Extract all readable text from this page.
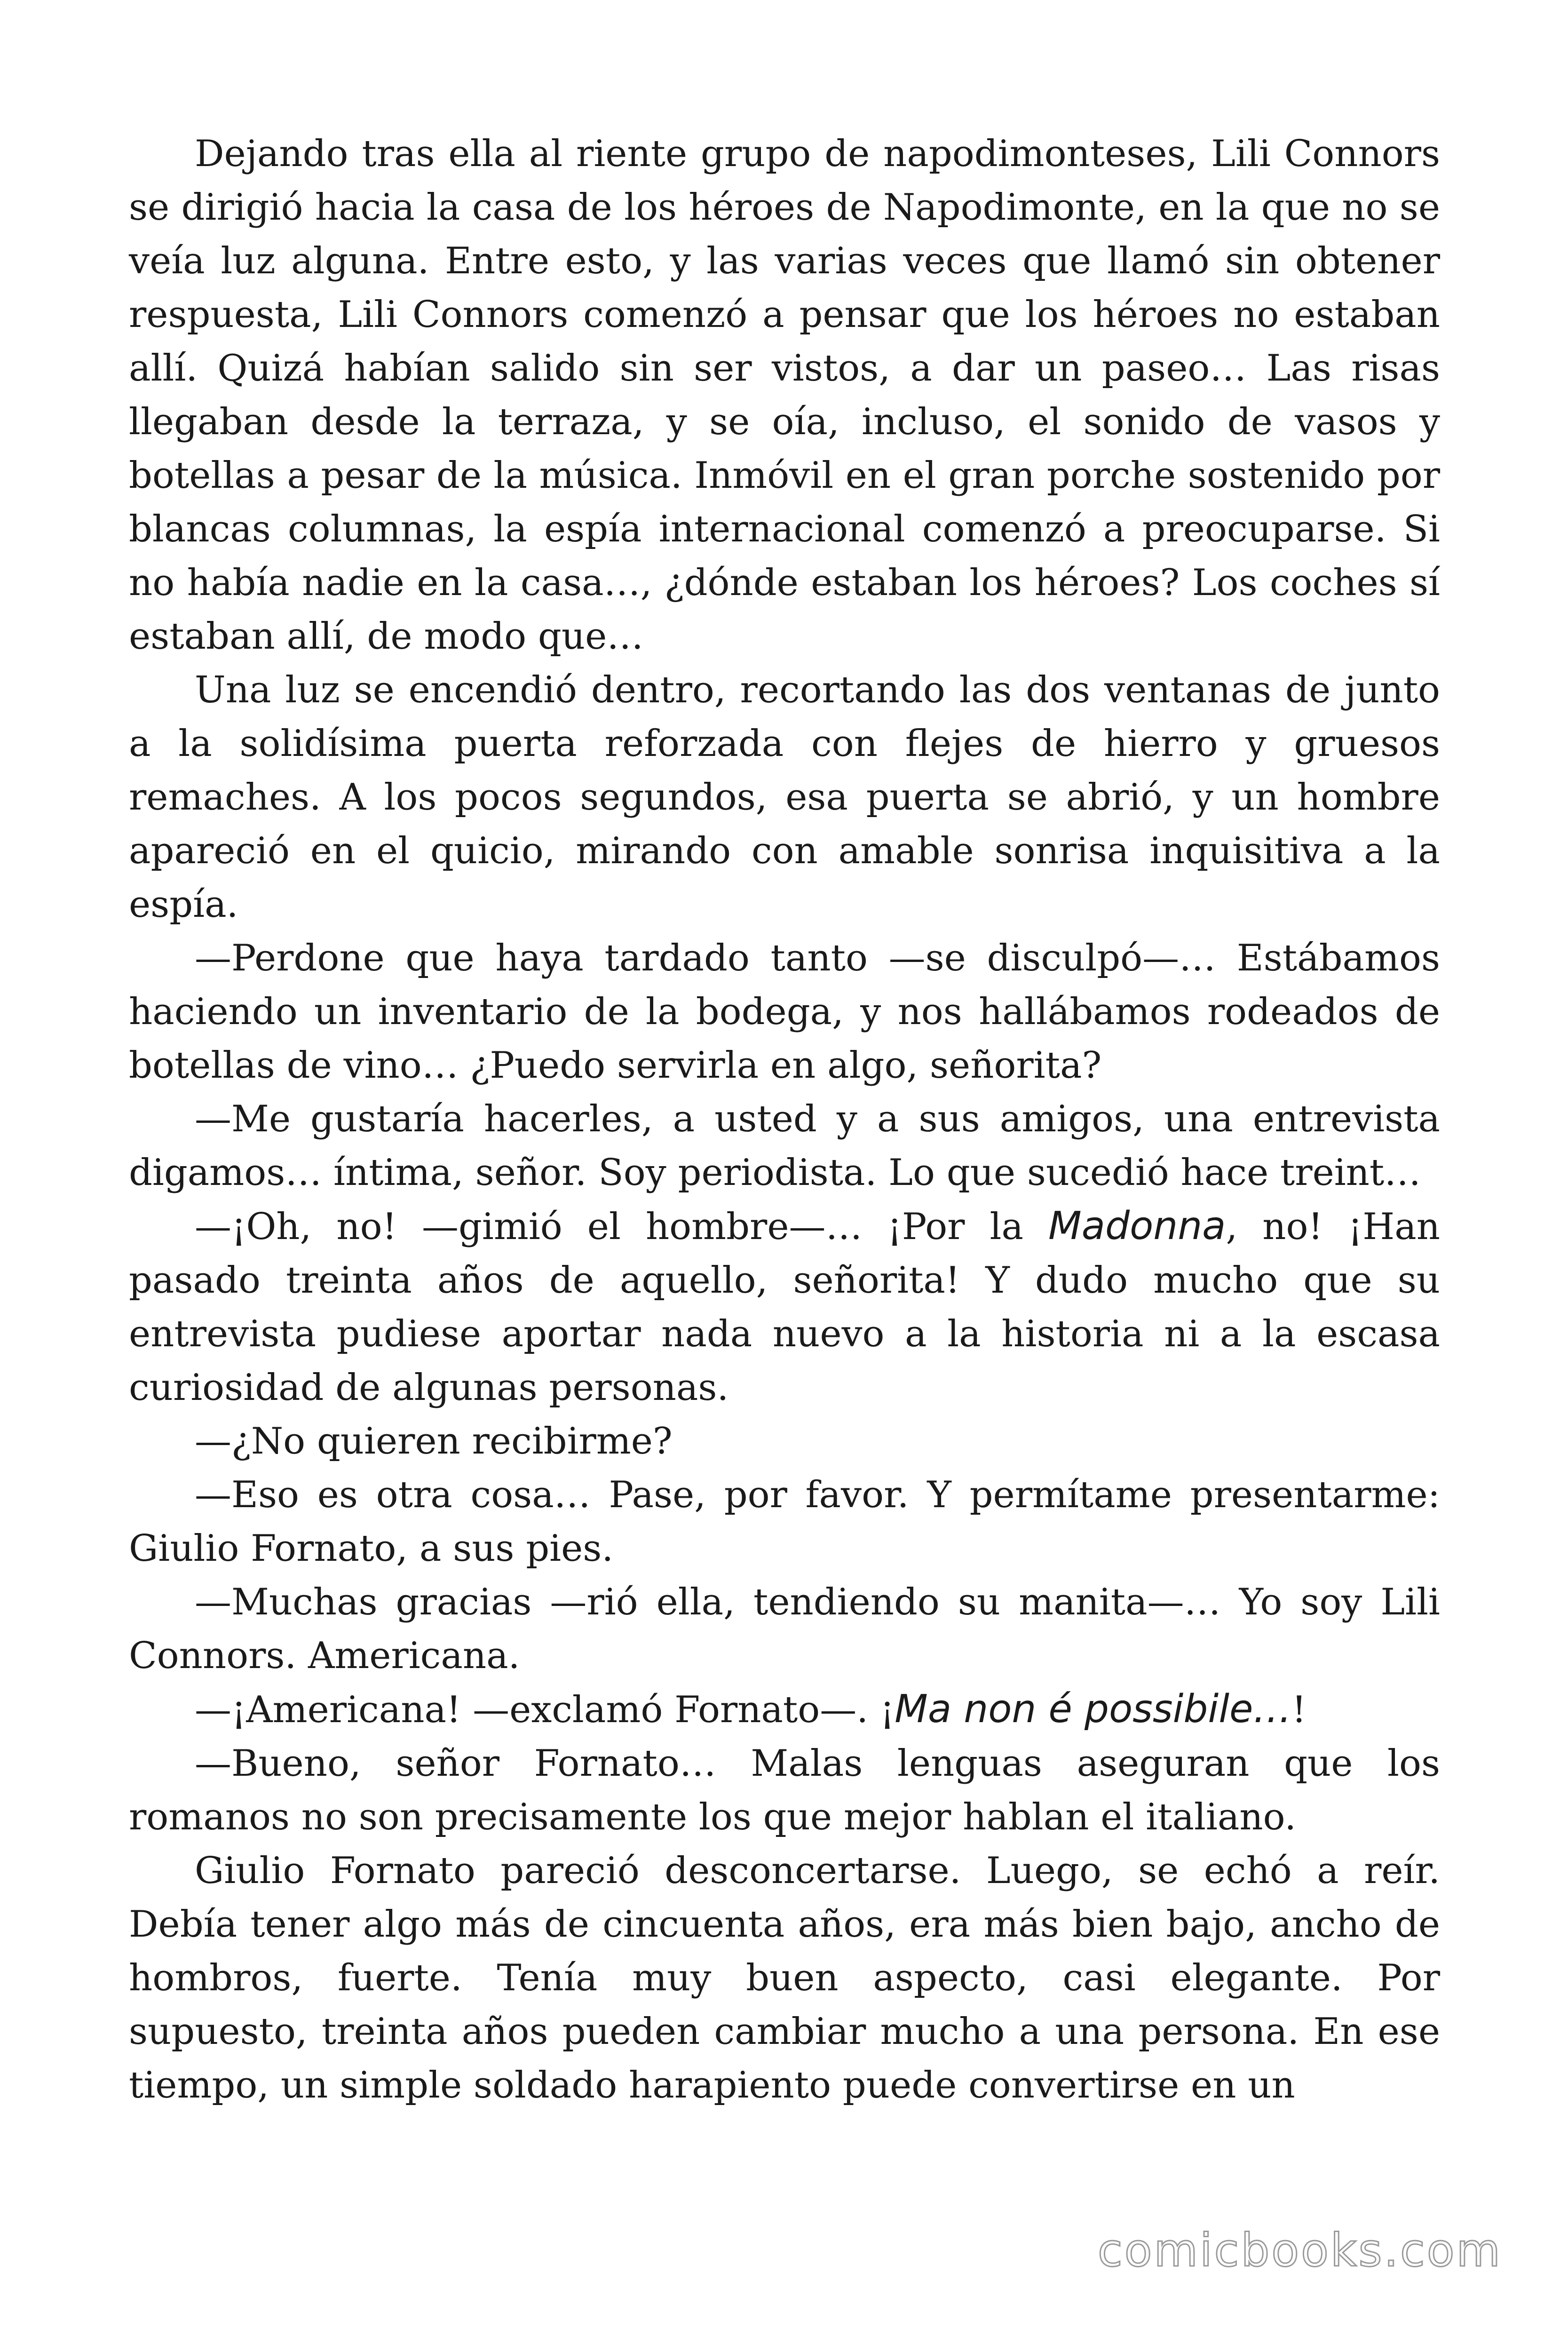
Dejando tras ella al riente grupo de napodimonteses, Lili Connors se dirigió hacia la casa de los héroes de Napodimonte, en la que no se veía luz alguna. Entre esto, y las varias veces que llamó sin obtener respuesta, Lili Connors comenzó a pensar que los héroes no estaban allí. Quizá habían salido sin ser vistos, a dar un paseo… Las risas llegaban desde la terraza, y se oía, incluso, el sonido de vasos y botellas a pesar de la música. Inmóvil en el gran porche sostenido por blancas columnas, la espía internacional comenzó a preocuparse. Si no había nadie en la casa…, ¿dónde estaban los héroes? Los coches sí estaban allí, de modo que…

Una luz se encendió dentro, recortando las dos ventanas de junto a la solidísima puerta reforzada con flejes de hierro y gruesos remaches. A los pocos segundos, esa puerta se abrió, y un hombre apareció en el quicio, mirando con amable sonrisa inquisitiva a la espía.

—Perdone que haya tardado tanto —se disculpó—… Estábamos haciendo un inventario de la bodega, y nos hallábamos rodeados de botellas de vino… ¿Puedo servirla en algo, señorita?

—Me gustaría hacerles, a usted y a sus amigos, una entrevista digamos… íntima, señor. Soy periodista. Lo que sucedió hace treint…

—¡Oh, no! —gimió el hombre—… ¡Por la Madonna, no! ¡Han pasado treinta años de aquello, señorita! Y dudo mucho que su entrevista pudiese aportar nada nuevo a la historia ni a la escasa curiosidad de algunas personas.

—¿No quieren recibirme?

—Eso es otra cosa… Pase, por favor. Y permítame presentarme: Giulio Fornato, a sus pies.

—Muchas gracias —rió ella, tendiendo su manita—… Yo soy Lili Connors. Americana.

—¡Americana! —exclamó Fornato—. ¡Ma non é possibile…!

—Bueno, señor Fornato… Malas lenguas aseguran que los romanos no son precisamente los que mejor hablan el italiano.

Giulio Fornato pareció desconcertarse. Luego, se echó a reír. Debía tener algo más de cincuenta años, era más bien bajo, ancho de hombros, fuerte. Tenía muy buen aspecto, casi elegante. Por supuesto, treinta años pueden cambiar mucho a una persona. En ese tiempo, un simple soldado harapiento puede convertirse en un

comicbooks.com
